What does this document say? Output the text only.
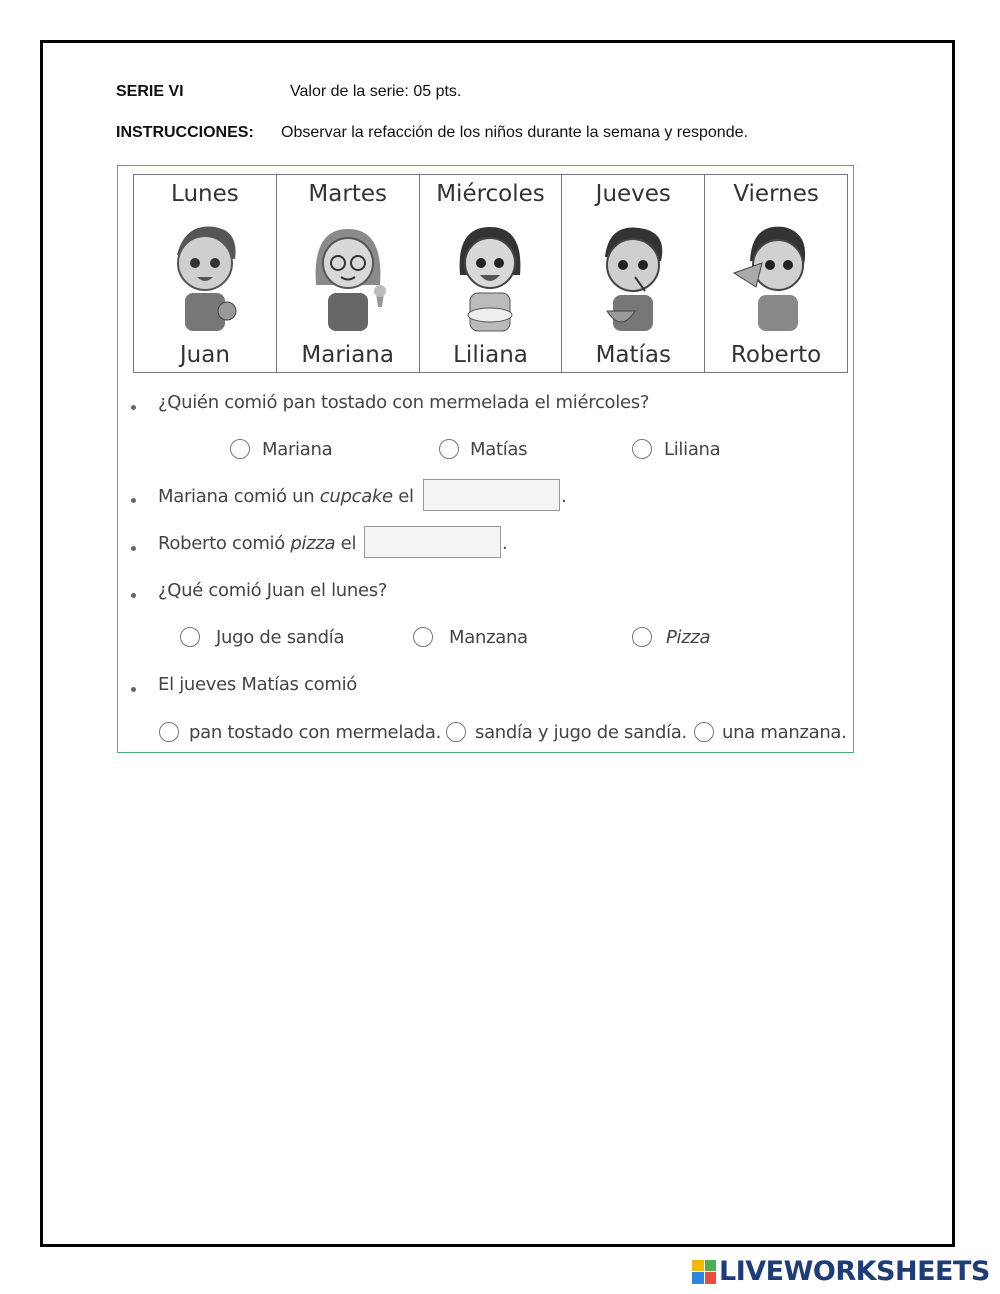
SERIE VI	Valor de la serie: 05 pts.
INSTRUCCIONES: Observar la refacción de los niños durante la semana y responde.
Lunes
Juan
Martes
Mariana
Miércoles
Liliana
Jueves
Matías
Viernes
Roberto
¿Quién comió pan tostado con mermelada el miércoles?
Mariana	Matías	Liliana
Mariana comió un cupcake el	.
Roberto comió pizza el	.
¿Qué comió Juan el lunes?
Jugo de sandía	Manzana	Pizza
El jueves Matías comió
pan tostado con mermelada. sandía y jugo de sandía. una manzana.
LIVEWORKSHEETS
